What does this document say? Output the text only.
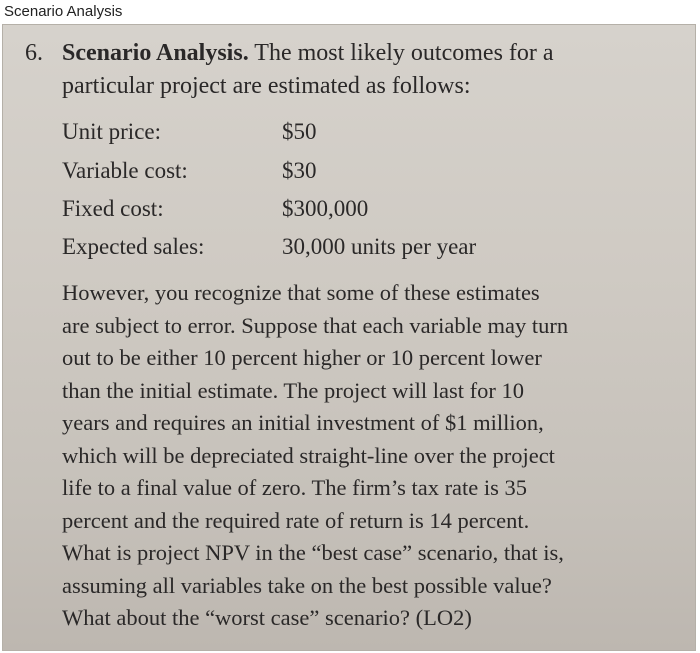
Scenario Analysis
6. Scenario Analysis. The most likely outcomes for a
particular project are estimated as follows:
Unit price:	$50
Variable cost:	$30
Fixed cost:	$300,000
Expected sales:	30,000 units per year
However, you recognize that some of these estimates
are subject to error. Suppose that each variable may turn
out to be either 10 percent higher or 10 percent lower
than the initial estimate. The project will last for 10
years and requires an initial investment of $1 million,
which will be depreciated straight-line over the project
life to a final value of zero. The firm’s tax rate is 35
percent and the required rate of return is 14 percent.
What is project NPV in the “best case” scenario, that is,
assuming all variables take on the best possible value?
What about the “worst case” scenario? (LO2)
